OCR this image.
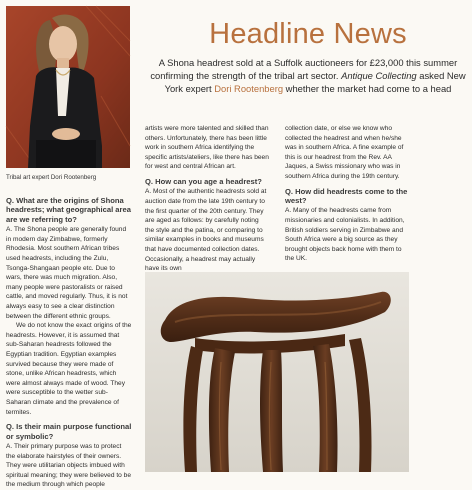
Tribal art expert Dori Rootenberg
Headline News
A Shona headrest sold at a Suffolk auctioneers for £23,000 this summer confirming the strength of the tribal art sector. Antique Collecting asked New York expert Dori Rootenberg whether the market had come to a head
Q. What are the origins of Shona headrests; what geographical area are we referring to?

A. The Shona people are generally found in modern day Zimbabwe, formerly Rhodesia. Most southern African tribes used headrests, including the Zulu, Tsonga-Shangaan people etc. Due to wars, there was much migration. Also, many people were pastoralists or raised cattle, and moved regularly. Thus, it is not always easy to see a clear distinction between the different ethnic groups.

We do not know the exact origins of the headrests. However, it is assumed that sub-Saharan headrests followed the Egyptian tradition. Egyptian examples survived because they were made of stone, unlike African headrests, which were almost always made of wood. They were susceptible to the wetter sub-Saharan climate and the prevalence of termites.

Q. Is their main purpose functional or symbolic?

A. Their primary purpose was to protect the elaborate hairstyles of their owners. They were utilitarian objects imbued with spiritual meaning; they were believed to be the medium through which people

artists were more talented and skilled than others. Unfortunately, there has been little work in southern Africa identifying the specific artists/ateliers, like there has been for west and central African art.

Q. How can you age a headrest?

A. Most of the authentic headrests sold at auction date from the late 19th century to the first quarter of the 20th century. They are aged as follows: by carefully noting the style and the patina, or comparing to similar examples in books and museums that have documented collection dates. Occasionally, a headrest may actually have its own

collection date, or else we know who collected the headrest and when he/she was in southern Africa. A fine example of this is our headrest from the Rev. AA Jaques, a Swiss missionary who was in southern Africa during the 19th century.

Q. How did headrests come to the west?

A. Many of the headrests came from missionaries and colonialists. In addition, British soldiers serving in Zimbabwe and South Africa were a big source as they brought objects back home with them to the UK.
